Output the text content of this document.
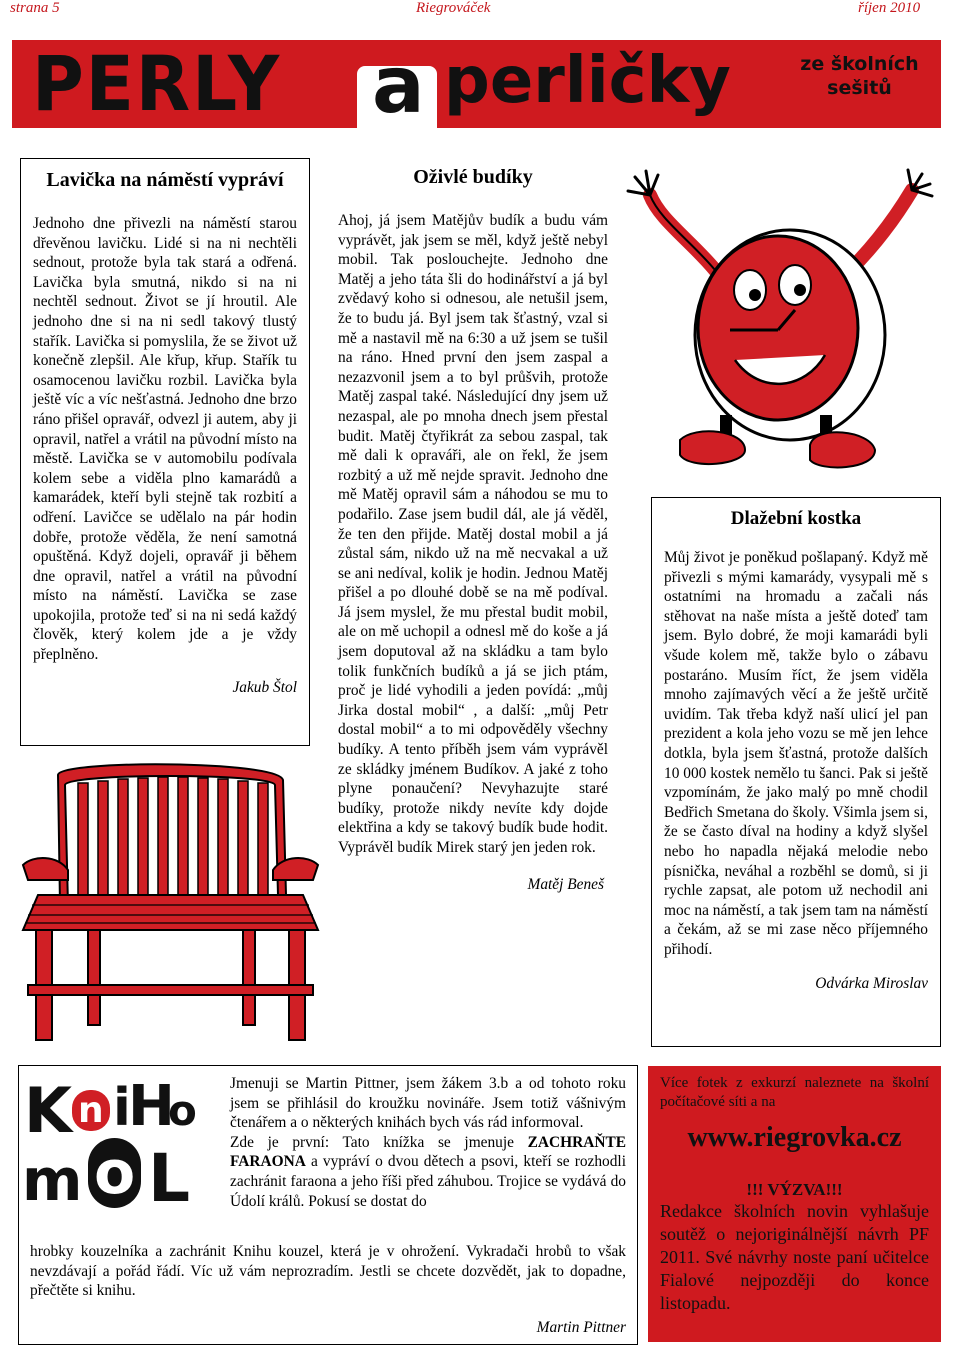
strana 5	Riegrováček	říjen 2010
PERLY a perličky	ze školních
sešitů
Lavička na náměstí vypráví

Jednoho dne přivezli na náměstí starou dřevěnou lavičku. Lidé si na ni nechtěli sednout, protože byla tak stará a odřená. Lavička byla smutná, nikdo si na ni nechtěl sednout. Život se jí hroutil. Ale jednoho dne si na ni sedl takový tlustý stařík. Lavička si pomyslila, že se život už konečně zlepšil. Ale křup, křup. Stařík tu osamocenou lavičku rozbil. Lavička byla ještě víc a víc nešťastná. Jednoho dne brzo ráno přišel opravář, odvezl ji autem, aby ji opravil, natřel a vrátil na původní místo na městě. Lavička se v automobilu podívala kolem sebe a viděla plno kamarádů a kamarádek, kteří byli stejně tak rozbití a odření. Lavičce se udělalo na pár hodin dobře, protože věděla, že není samotná opuštěná. Když dojeli, opravář ji během dne opravil, natřel a vrátil na původní místo na náměstí. Lavička se zase upokojila, protože teď si na ni sedá každý člověk, který kolem jde a je vždy přeplněno.

Jakub Štol
Oživlé budíky

Ahoj, já jsem Matějův budík a budu vám vyprávět, jak jsem se měl, když ještě nebyl mobil. Tak poslouchejte. Jednoho dne Matěj a jeho táta šli do hodinářství a já byl zvědavý koho si odnesou, ale netušil jsem, že to budu já. Byl jsem tak šťastný, vzal si mě a nastavil mě na 6:30 a už jsem se tušil na ráno. Hned první den jsem zaspal a nezazvonil jsem a to byl průšvih, protože Matěj zaspal také. Následující dny jsem už nezaspal, ale po mnoha dnech jsem přestal budit. Matěj čtyřikrát za sebou zaspal, tak mě dali k opraváři, ale on řekl, že jsem rozbitý a už mě nejde spravit. Jednoho dne mě Matěj opravil sám a náhodou se mu to podařilo. Zase jsem budil dál, ale já věděl, že ten den přijde. Matěj dostal mobil a já zůstal sám, nikdo už na mě necvakal a už se ani nedíval, kolik je hodin. Jednou Matěj přišel a po dlouhé době se na mě podíval. Já jsem myslel, že mu přestal budit mobil, ale on mě uchopil a odnesl mě do koše a já jsem doputoval až na skládku a tam bylo tolik funkčních budíků a já se jich ptám, proč je lidé vyhodili a jeden povídá: „můj Jirka dostal mobil“ , a další: „můj Petr dostal mobil“ a to mi odpověděly všechny budíky. A tento příběh jsem vám vyprávěl ze skládky jménem Budíkov. A jaké z toho plyne ponaučení? Nevyhazujte staré budíky, protože nikdy nevíte kdy dojde elektřina a kdy se takový budík bude hodit. Vyprávěl budík Mirek starý jen jeden rok.

Matěj Beneš
Dlažební kostka

Můj život je poněkud pošlapaný. Když mě přivezli s mými kamarády, vysypali mě s ostatními na hromadu a začali nás stěhovat na naše místa a ještě doteď tam jsem. Bylo dobré, že moji kamarádi byli všude kolem mě, takže bylo o zábavu postaráno. Musím říct, že jsem viděla mnoho zajímavých věcí a že ještě určitě uvidím. Tak třeba když naší ulicí jel pan prezident a kola jeho vozu se mě jen lehce dotkla, byla jsem šťastná, protože dalších 10 000 kostek nemělo tu šanci. Pak si ještě vzpomínám, že jako malý po mně chodil Bedřich Smetana do školy. Všimla jsem si, že se často díval na hodiny a když slyšel nebo ho napadla nějaká melodie nebo písnička, neváhal a rozběhl se domů, si ji rychle zapsat, ale potom už nechodil ani moc na náměstí, a tak jsem tam na náměstí a čekám, až se mi zase něco příjemného přihodí.

Odvárka Miroslav
K n i
H
o
m o L

Jmenuji se Martin Pittner, jsem žákem 3.b a od tohoto roku jsem se přihlásil do kroužku novináře. Jsem totiž vášnivým čtenářem a o některých knihách bych vás rád informoval.

Zde je první: Tato knížka se jmenuje ZACHRAŇTE FARAONA a vypráví o dvou dětech a psovi, kteří se rozhodli zachránit faraona a jeho říši před záhubou. Trojice se vydává do Údolí králů. Pokusí se dostat do

hrobky kouzelníka a zachránit Knihu kouzel, která je v ohrožení. Vykradači hrobů to však nevzdávají a pořád řádí. Víc už vám neprozradím. Jestli se chcete dozvědět, jak to dopadne, přečtěte si knihu.

Martin Pittner

Více fotek z exkurzí naleznete na školní počítačové síti a na

www.riegrovka.cz
!!! VÝZVA!!!

Redakce školních novin vyhlašuje soutěž o nejoriginálnější návrh PF 2011. Své návrhy noste paní učitelce Fialové nejpozději do konce listopadu.
